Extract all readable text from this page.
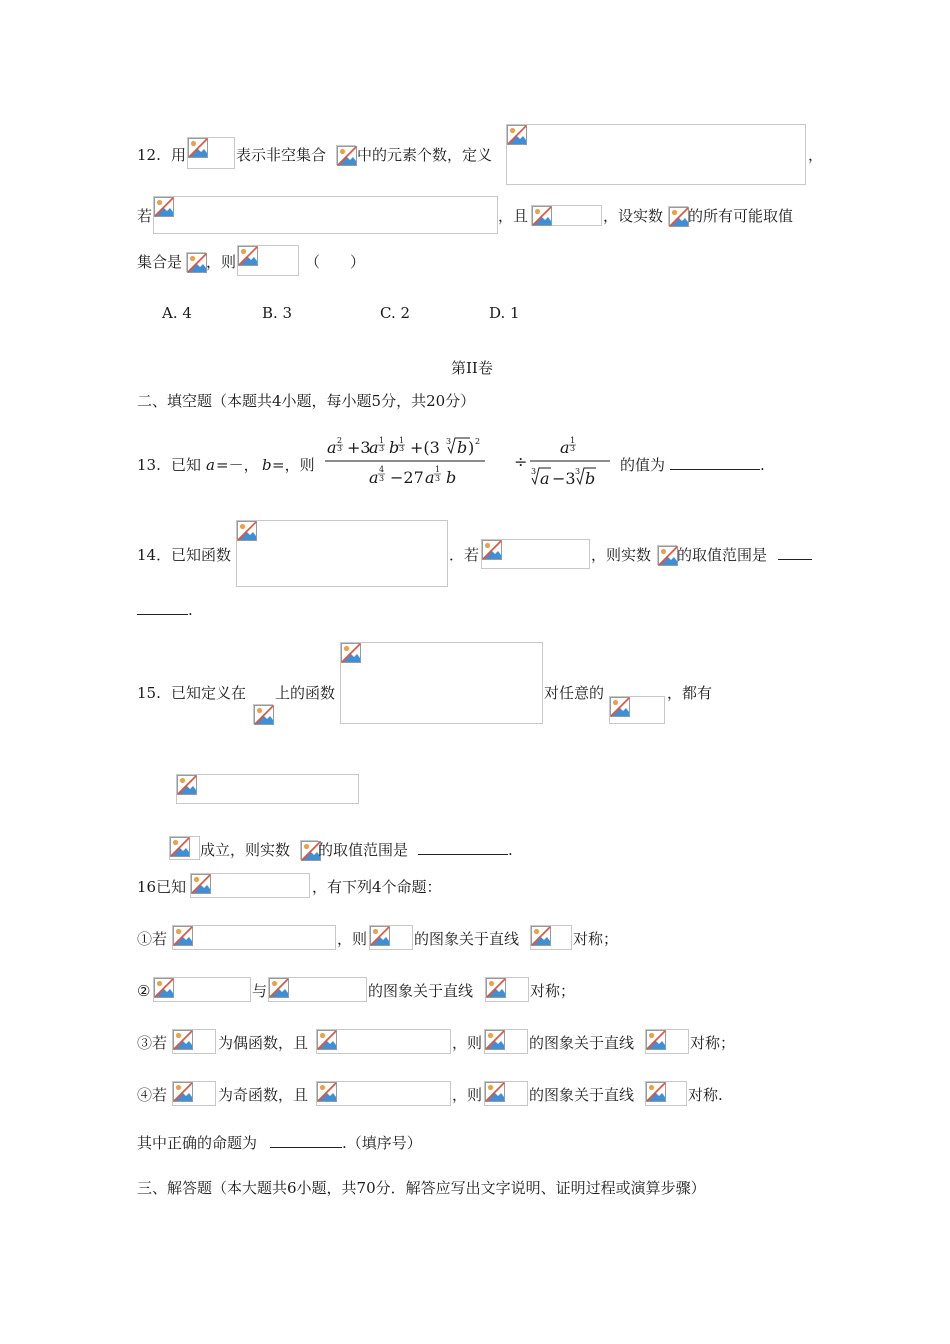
12. 用	表示非空集合 中的元素个数，定义	，
若	，且	，设实数 的所有可能取值
集合是 ，则	（　　）
A. 4	B. 3	C. 2	D. 1
第II卷
二、填空题（本题共4小题，每小题5分，共20分）
13. 已知 a =－， b =，则
a 2
3 +3
a 1
3 b 1
3 +(3 3 b ) 2
a 4
3 −27 a 1
3 b
÷
a 1
3
3 a −3 3 b
的值为	.
14． 已知函数	．若	，则实数 的取值范围是
.
15. 已知定义在 上的函数	对任意的	，都有
成立，则实数 的取值范围是	.
16已知	，有下列4个命题：
①若	，则	的图象关于直线	对称；
②	与	的图象关于直线	对称；
③若	为偶函数，且	，则	的图象关于直线	对称；
④若	为奇函数，且	，则	的图象关于直线	对称.
其中正确的命题为	.（填序号）
三、解答题（本大题共6小题，共70分．解答应写出文字说明、证明过程或演算步骤）
